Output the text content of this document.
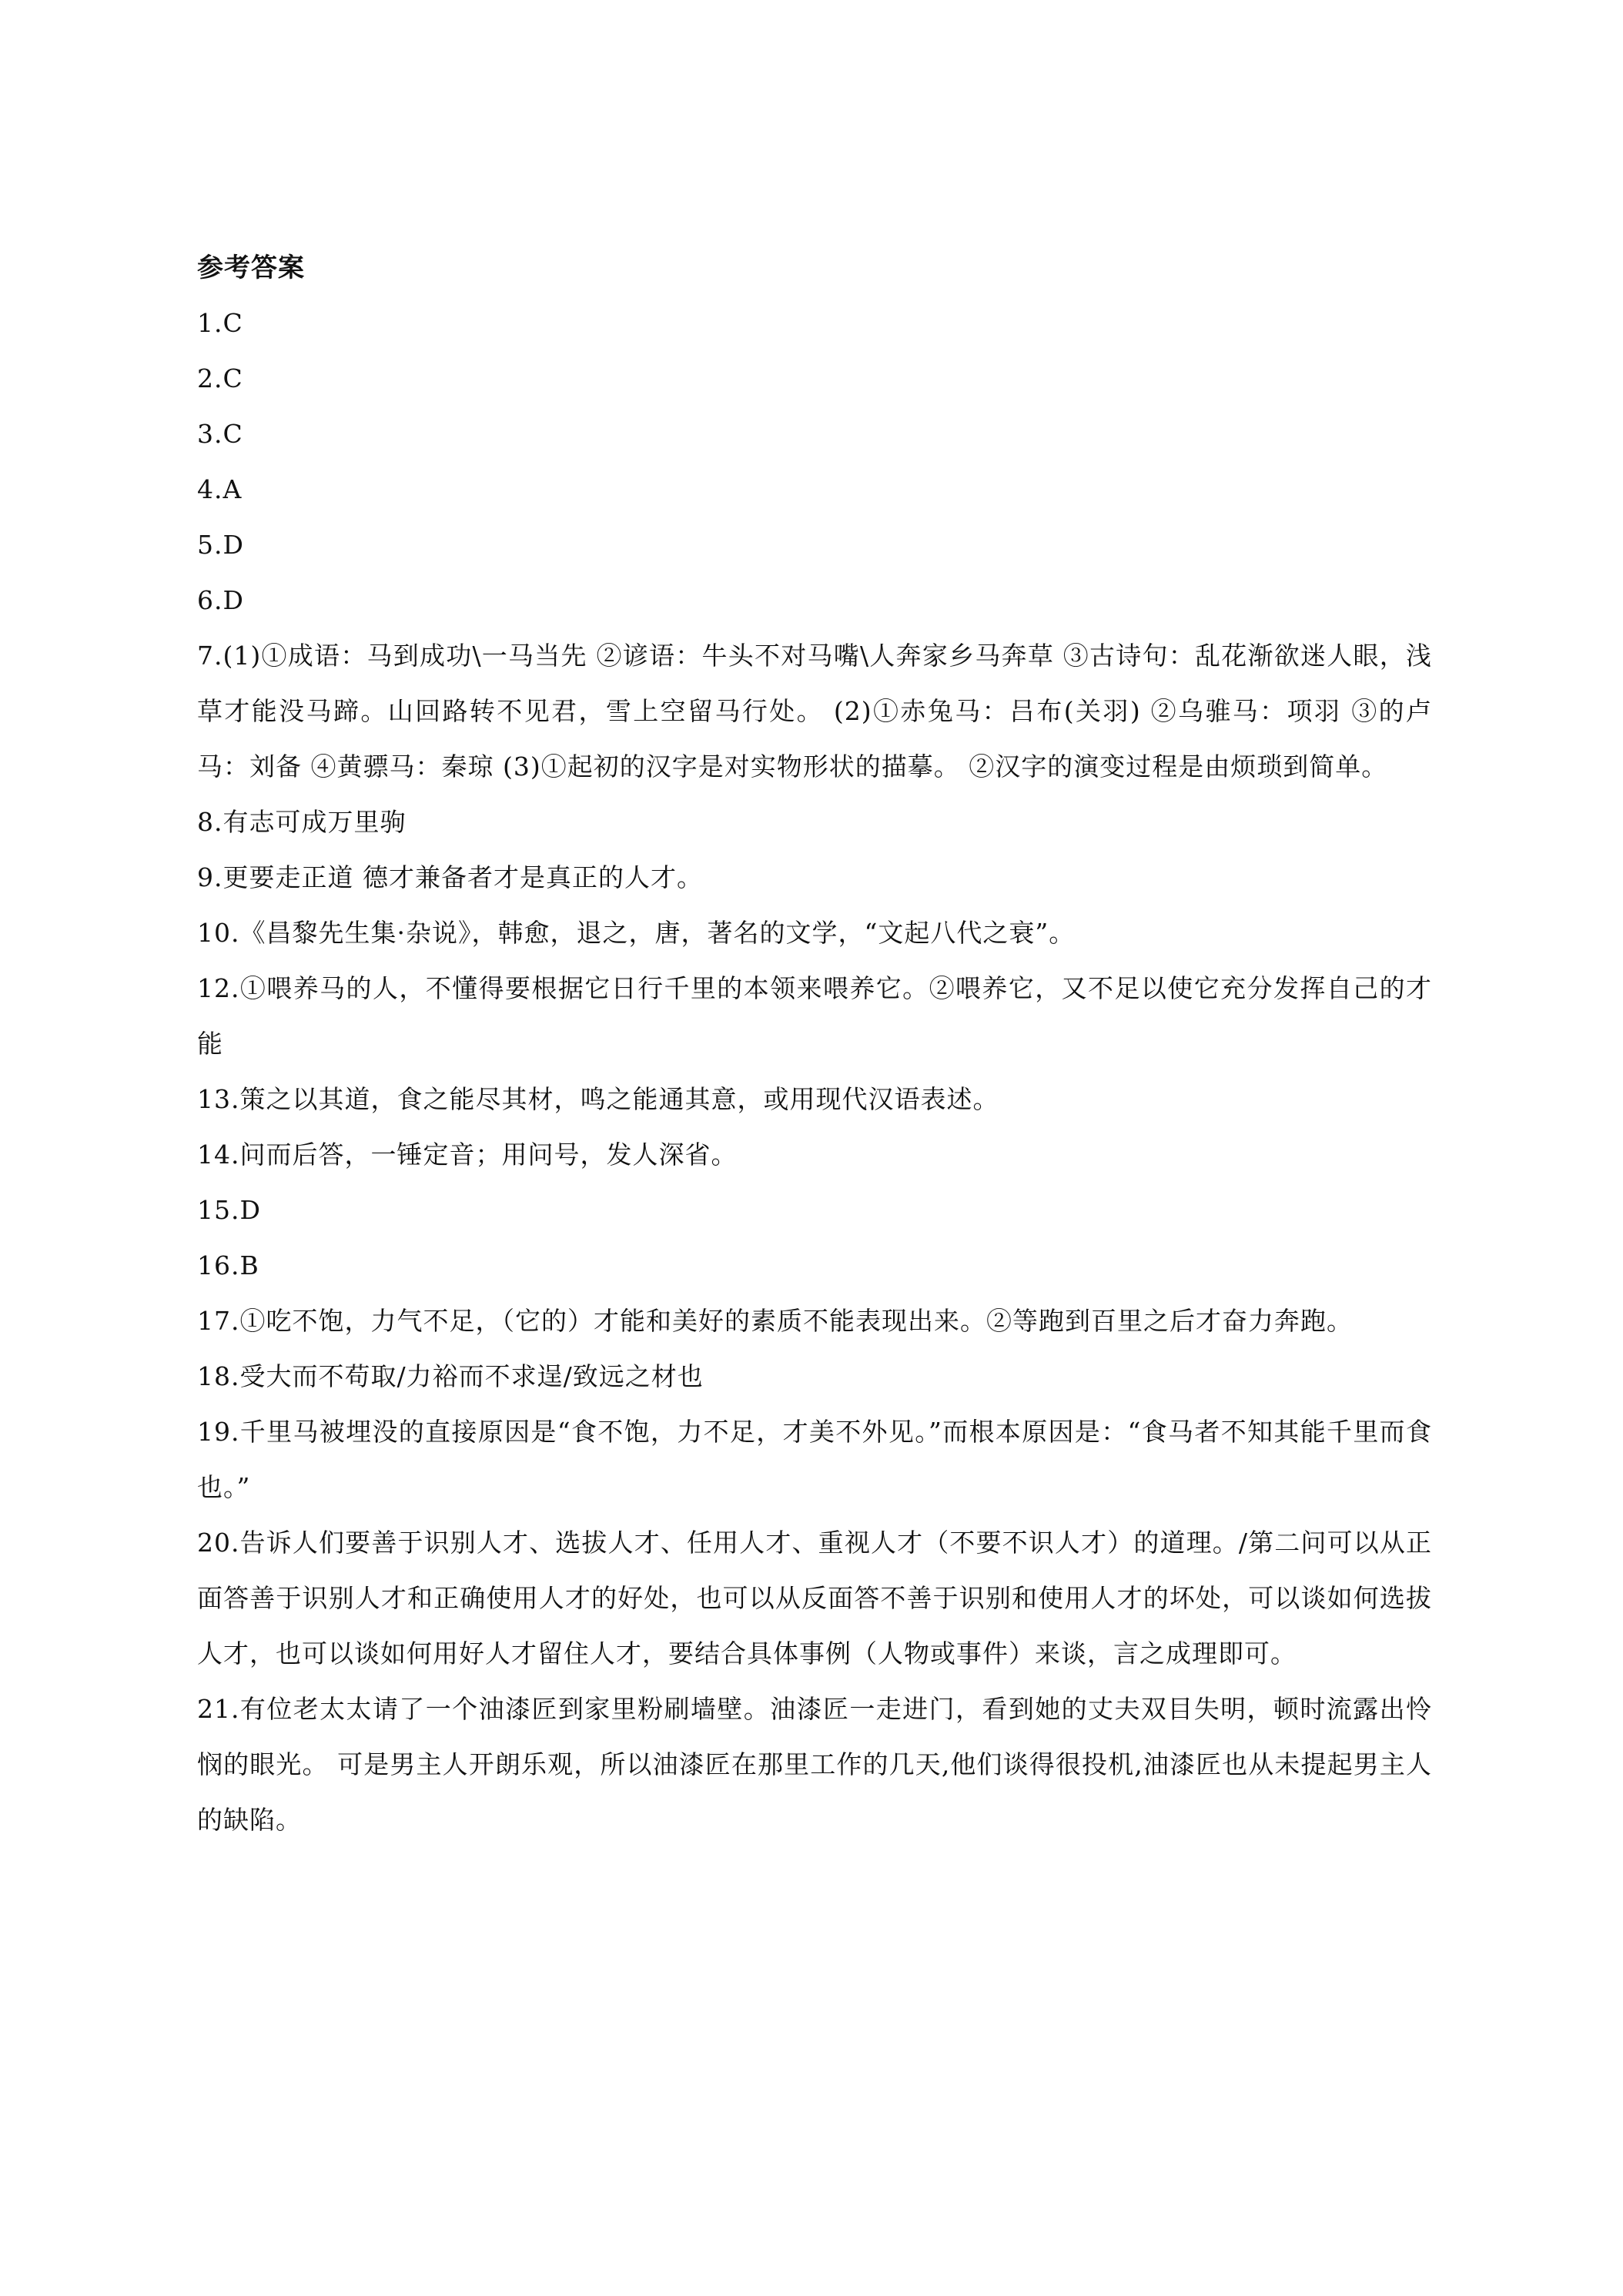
参考答案

1.C

2.C

3.C

4.A

5.D

6.D

7.(1)①成语：马到成功\一马当先 ②谚语：牛头不对马嘴\人奔家乡马奔草 ③古诗句：乱花渐欲迷人眼，浅草才能没马蹄。山回路转不见君，雪上空留马行处。 (2)①赤兔马：吕布(关羽) ②乌骓马：项羽 ③的卢马：刘备 ④黄骠马：秦琼 (3)①起初的汉字是对实物形状的描摹。 ②汉字的演变过程是由烦琐到简单。

8.有志可成万里驹

9.更要走正道 德才兼备者才是真正的人才。

10.《昌黎先生集·杂说》，韩愈，退之，唐，著名的文学，“文起八代之衰”。

12.①喂养马的人，不懂得要根据它日行千里的本领来喂养它。②喂养它，又不足以使它充分发挥自己的才能

13.策之以其道，食之能尽其材，鸣之能通其意，或用现代汉语表述。

14.问而后答，一锤定音；用问号，发人深省。

15.D

16.B

17.①吃不饱，力气不足，（它的）才能和美好的素质不能表现出来。②等跑到百里之后才奋力奔跑。

18.受大而不苟取/力裕而不求逞/致远之材也

19.千里马被埋没的直接原因是“食不饱，力不足，才美不外见。”而根本原因是：“食马者不知其能千里而食也。”

20.告诉人们要善于识别人才、选拔人才、任用人才、重视人才（不要不识人才）的道理。/第二问可以从正面答善于识别人才和正确使用人才的好处，也可以从反面答不善于识别和使用人才的坏处，可以谈如何选拔人才，也可以谈如何用好人才留住人才，要结合具体事例（人物或事件）来谈，言之成理即可。

21.有位老太太请了一个油漆匠到家里粉刷墙壁。油漆匠一走进门，看到她的丈夫双目失明，顿时流露出怜悯的眼光。 可是男主人开朗乐观，所以油漆匠在那里工作的几天,他们谈得很投机,油漆匠也从未提起男主人的缺陷。
